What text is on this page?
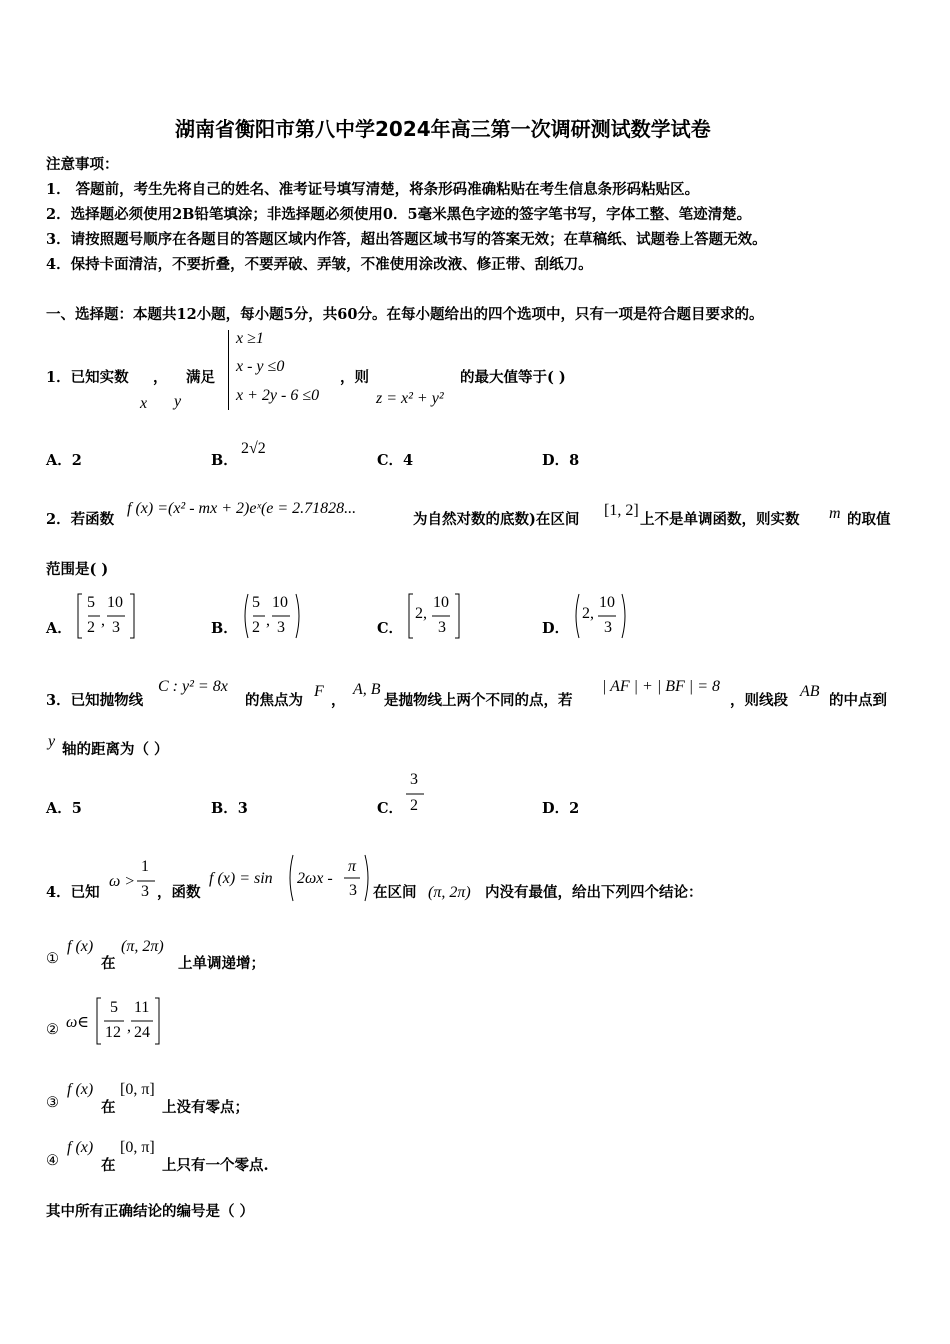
湖南省衡阳市第八中学2024年高三第一次调研测试数学试卷
注意事项：
1． 答题前，考生先将自己的姓名、准考证号填写清楚，将条形码准确粘贴在考生信息条形码粘贴区。
2．选择题必须使用2B铅笔填涂；非选择题必须使用0．5毫米黑色字迹的签字笔书写，字体工整、笔迹清楚。
3．请按照题号顺序在各题目的答题区域内作答，超出答题区域书写的答案无效；在草稿纸、试题卷上答题无效。
4．保持卡面清洁，不要折叠，不要弄破、弄皱，不准使用涂改液、修正带、刮纸刀。
一、选择题：本题共12小题，每小题5分，共60分。在每小题给出的四个选项中，只有一项是符合题目要求的。
1．已知实数 ， 满足
x y
x ≥1
x - y ≤0
x + 2y - 6 ≤0
，则
z = x² + y²
的最大值等于( )
A．2	B．
2√2
C．4	D．8
2．若函数
f (x) =(x² - mx + 2)eˣ(e = 2.71828...
为自然对数的底数)在区间
[1, 2]
上不是单调函数，则实数 m 的取值
范围是( )
A．
5
2 ,
10
3	B．
5
2 ,
10
3	C．
2,
10
3	D．
2,
10
3
3．已知抛物线
C : y² = 8x
的焦点为
F
，
A, B
是抛物线上两个不同的点，若
| AF | + | BF | = 8
，则线段
AB
的中点到
y 轴的距离为（ ）
A．5	B．3	C．
3
2	D．2
4．已知
ω >
1
3 ，函数
f (x) = sin 2ωx -
π
3 在区间 (π, 2π) 内没有最值，给出下列四个结论：
①
f (x)
在
(π, 2π)
上单调递增；
② ω∈
5
12 ,
11
24
③
f (x)
在
[0, π]
上没有零点；
④
f (x)
在
[0, π]
上只有一个零点.
其中所有正确结论的编号是（ ）
